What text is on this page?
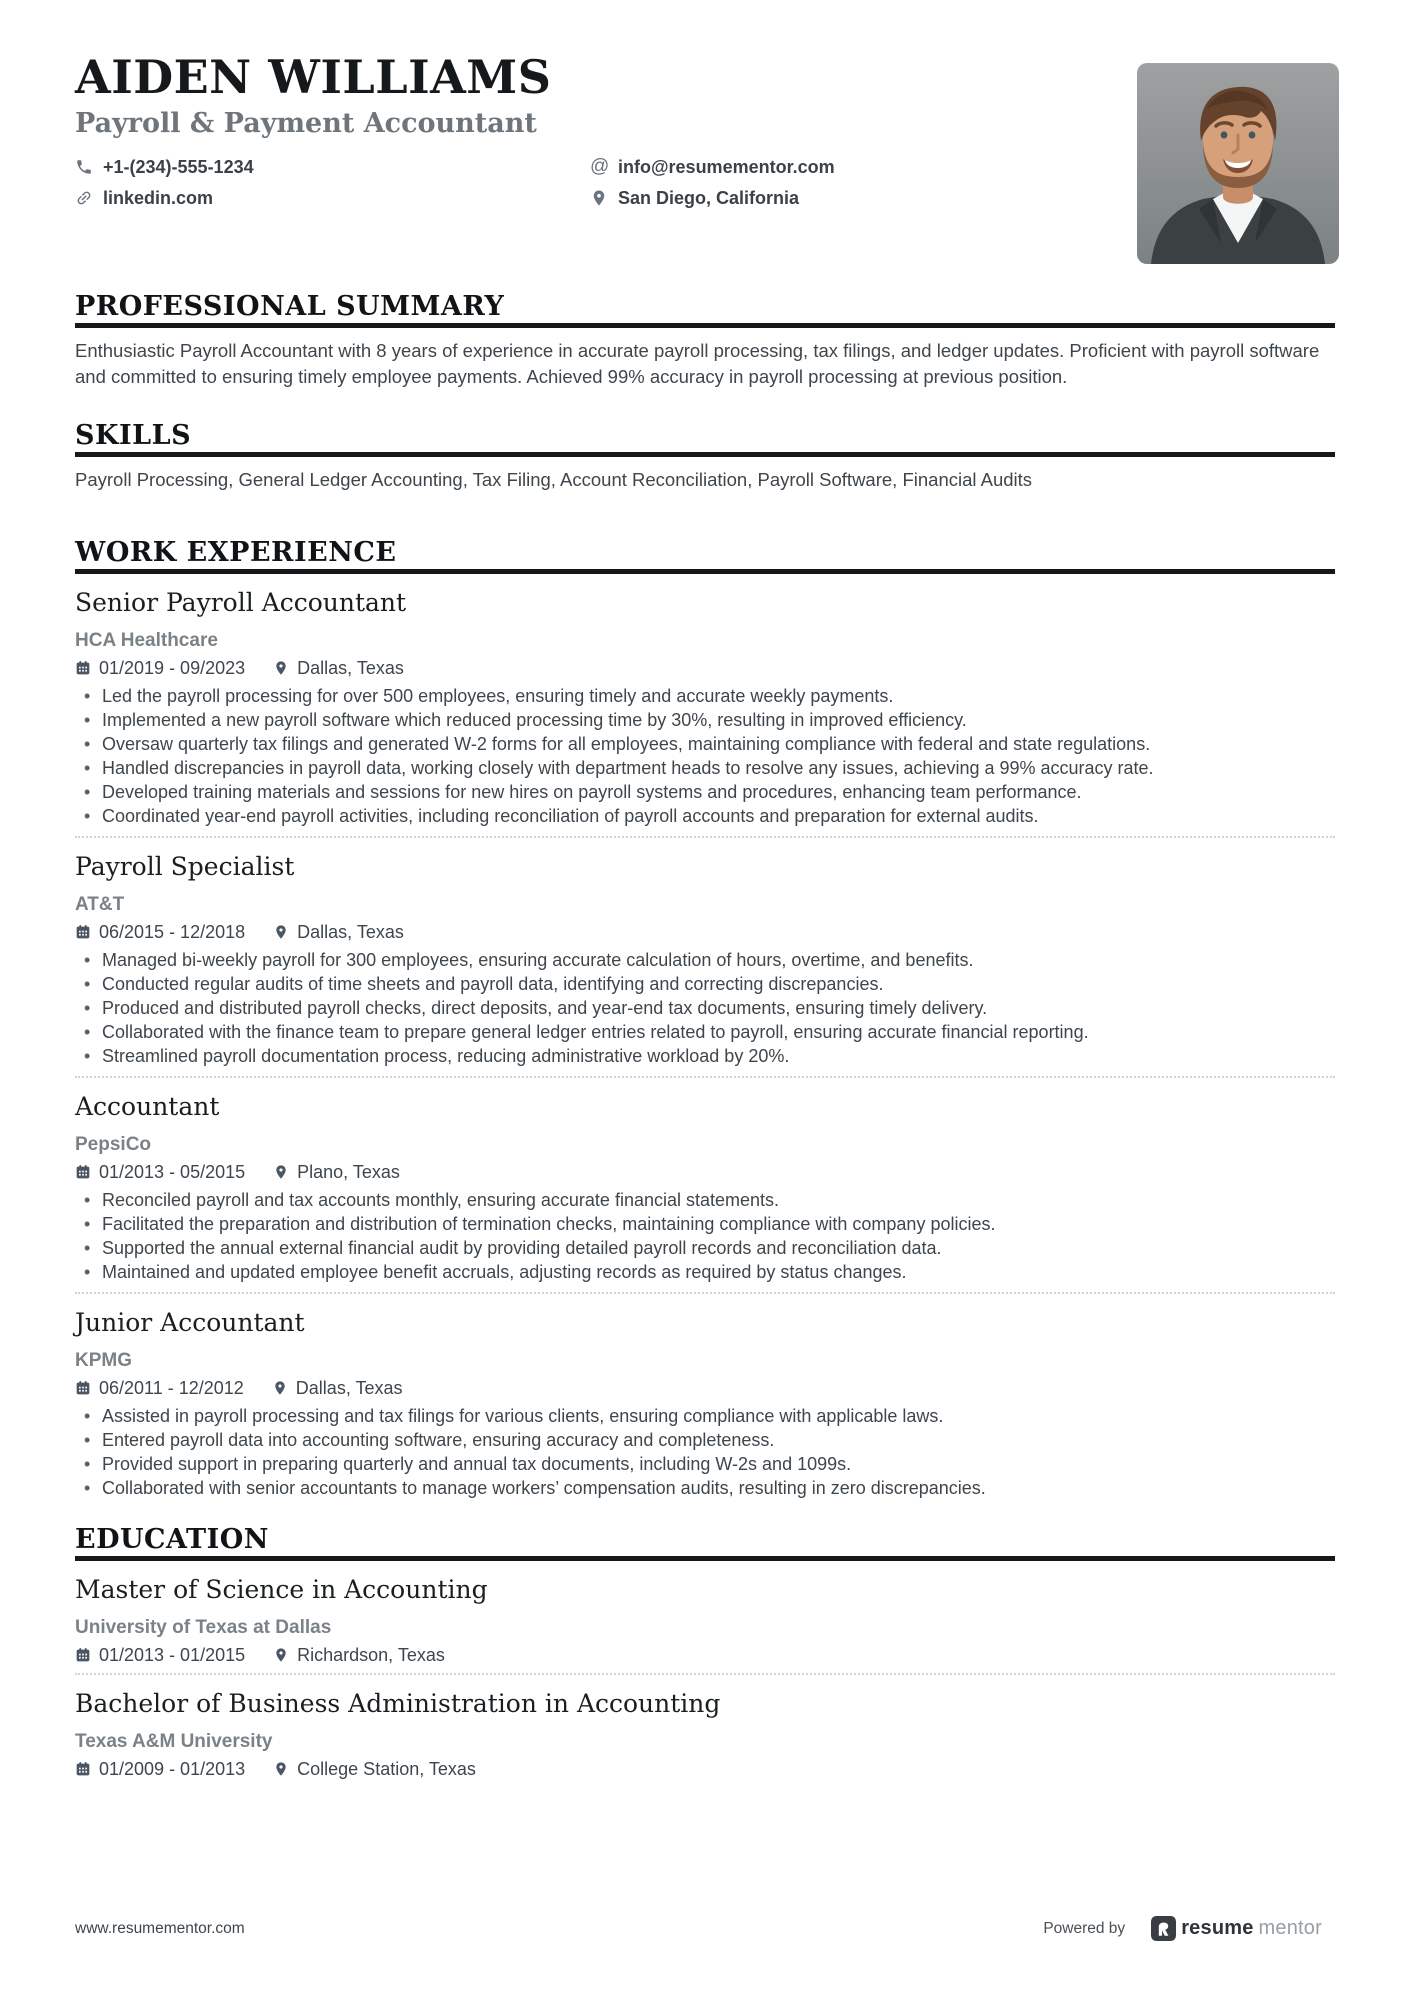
AIDEN WILLIAMS
Payroll & Payment Accountant
+1-(234)-555-1234	@ info@resumementor.com
linkedin.com	San Diego, California
PROFESSIONAL SUMMARY

Enthusiastic Payroll Accountant with 8 years of experience in accurate payroll processing, tax filings, and ledger updates. Proficient with payroll software and committed to ensuring timely employee payments. Achieved 99% accuracy in payroll processing at previous position.

SKILLS

Payroll Processing, General Ledger Accounting, Tax Filing, Account Reconciliation, Payroll Software, Financial Audits

WORK EXPERIENCE
Senior Payroll Accountant
HCA Healthcare
01/2019 - 09/2023	Dallas, Texas
• Led the payroll processing for over 500 employees, ensuring timely and accurate weekly payments.
• Implemented a new payroll software which reduced processing time by 30%, resulting in improved efficiency.
• Oversaw quarterly tax filings and generated W-2 forms for all employees, maintaining compliance with federal and state regulations.
• Handled discrepancies in payroll data, working closely with department heads to resolve any issues, achieving a 99% accuracy rate.
• Developed training materials and sessions for new hires on payroll systems and procedures, enhancing team performance.
• Coordinated year-end payroll activities, including reconciliation of payroll accounts and preparation for external audits.
Payroll Specialist
AT&T
06/2015 - 12/2018	Dallas, Texas
• Managed bi-weekly payroll for 300 employees, ensuring accurate calculation of hours, overtime, and benefits.
• Conducted regular audits of time sheets and payroll data, identifying and correcting discrepancies.
• Produced and distributed payroll checks, direct deposits, and year-end tax documents, ensuring timely delivery.
• Collaborated with the finance team to prepare general ledger entries related to payroll, ensuring accurate financial reporting.
• Streamlined payroll documentation process, reducing administrative workload by 20%.
Accountant
PepsiCo
01/2013 - 05/2015	Plano, Texas
• Reconciled payroll and tax accounts monthly, ensuring accurate financial statements.
• Facilitated the preparation and distribution of termination checks, maintaining compliance with company policies.
• Supported the annual external financial audit by providing detailed payroll records and reconciliation data.
• Maintained and updated employee benefit accruals, adjusting records as required by status changes.
Junior Accountant
KPMG
06/2011 - 12/2012	Dallas, Texas
• Assisted in payroll processing and tax filings for various clients, ensuring compliance with applicable laws.
• Entered payroll data into accounting software, ensuring accuracy and completeness.
• Provided support in preparing quarterly and annual tax documents, including W-2s and 1099s.
• Collaborated with senior accountants to manage workers’ compensation audits, resulting in zero discrepancies.
EDUCATION
Master of Science in Accounting
University of Texas at Dallas
01/2013 - 01/2015	Richardson, Texas
Bachelor of Business Administration in Accounting
Texas A&M University
01/2009 - 01/2013	College Station, Texas
www.resumementor.com	Powered by	resume mentor
